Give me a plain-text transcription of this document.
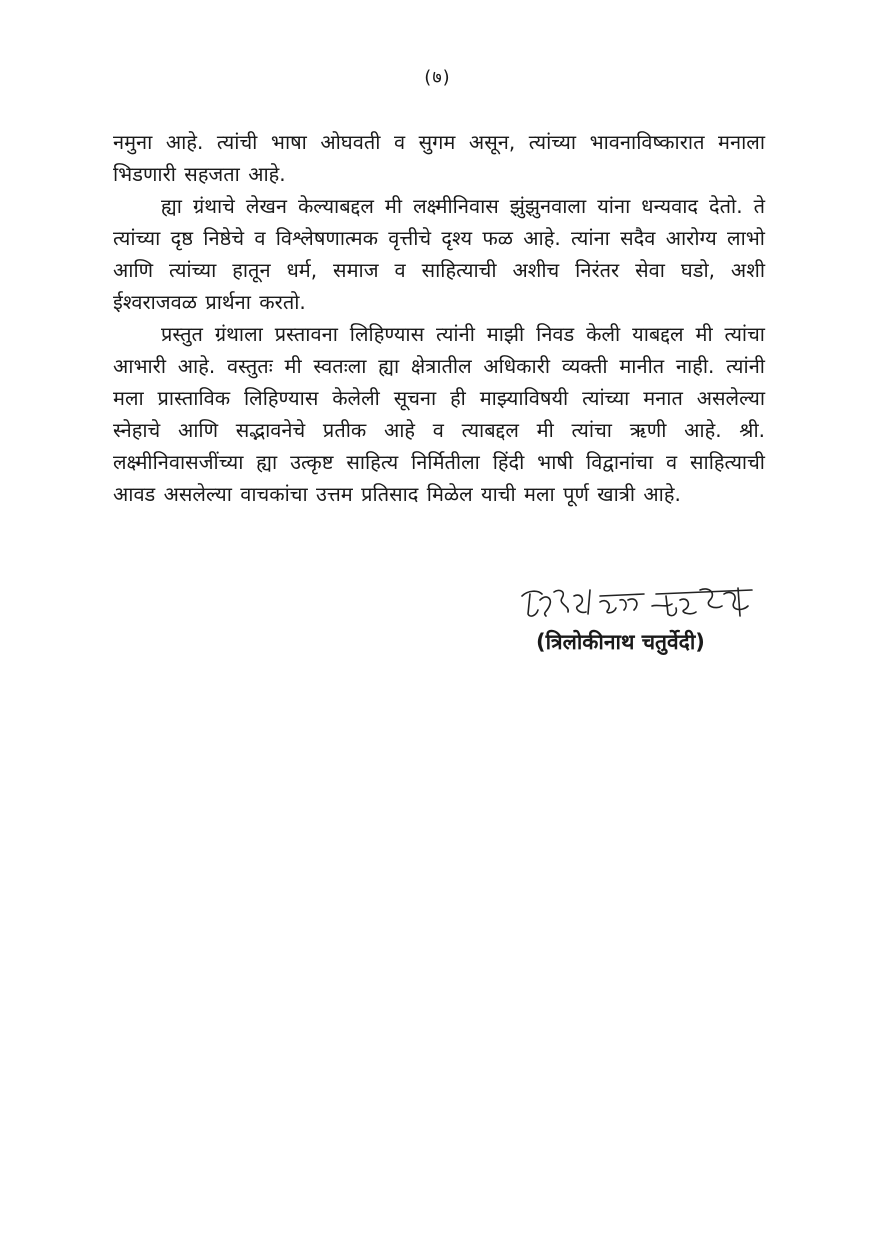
(७)

नमुना आहे. त्यांची भाषा ओघवती व सुगम असून, त्यांच्या भावनाविष्कारात मनाला भिडणारी सहजता आहे.

ह्या ग्रंथाचे लेखन केल्याबद्दल मी लक्ष्मीनिवास झुंझुनवाला यांना धन्यवाद देतो. ते त्यांच्या दृष्ठ निष्ठेचे व विश्लेषणात्मक वृत्तीचे दृश्य फळ आहे. त्यांना सदैव आरोग्य लाभो आणि त्यांच्या हातून धर्म, समाज व साहित्याची अशीच निरंतर सेवा घडो, अशी ईश्वराजवळ प्रार्थना करतो.

प्रस्तुत ग्रंथाला प्रस्तावना लिहिण्यास त्यांनी माझी निवड केली याबद्दल मी त्यांचा आभारी आहे. वस्तुतः मी स्वतःला ह्या क्षेत्रातील अधिकारी व्यक्ती मानीत नाही. त्यांनी मला प्रास्ताविक लिहिण्यास केलेली सूचना ही माझ्याविषयी त्यांच्या मनात असलेल्या स्नेहाचे आणि सद्भावनेचे प्रतीक आहे व त्याबद्दल मी त्यांचा ऋणी आहे. श्री. लक्ष्मीनिवासजींच्या ह्या उत्कृष्ट साहित्य निर्मितीला हिंदी भाषी विद्वानांचा व साहित्याची आवड असलेल्या वाचकांचा उत्तम प्रतिसाद मिळेल याची मला पूर्ण खात्री आहे.

(त्रिलोकीनाथ चतुर्वेदी)
